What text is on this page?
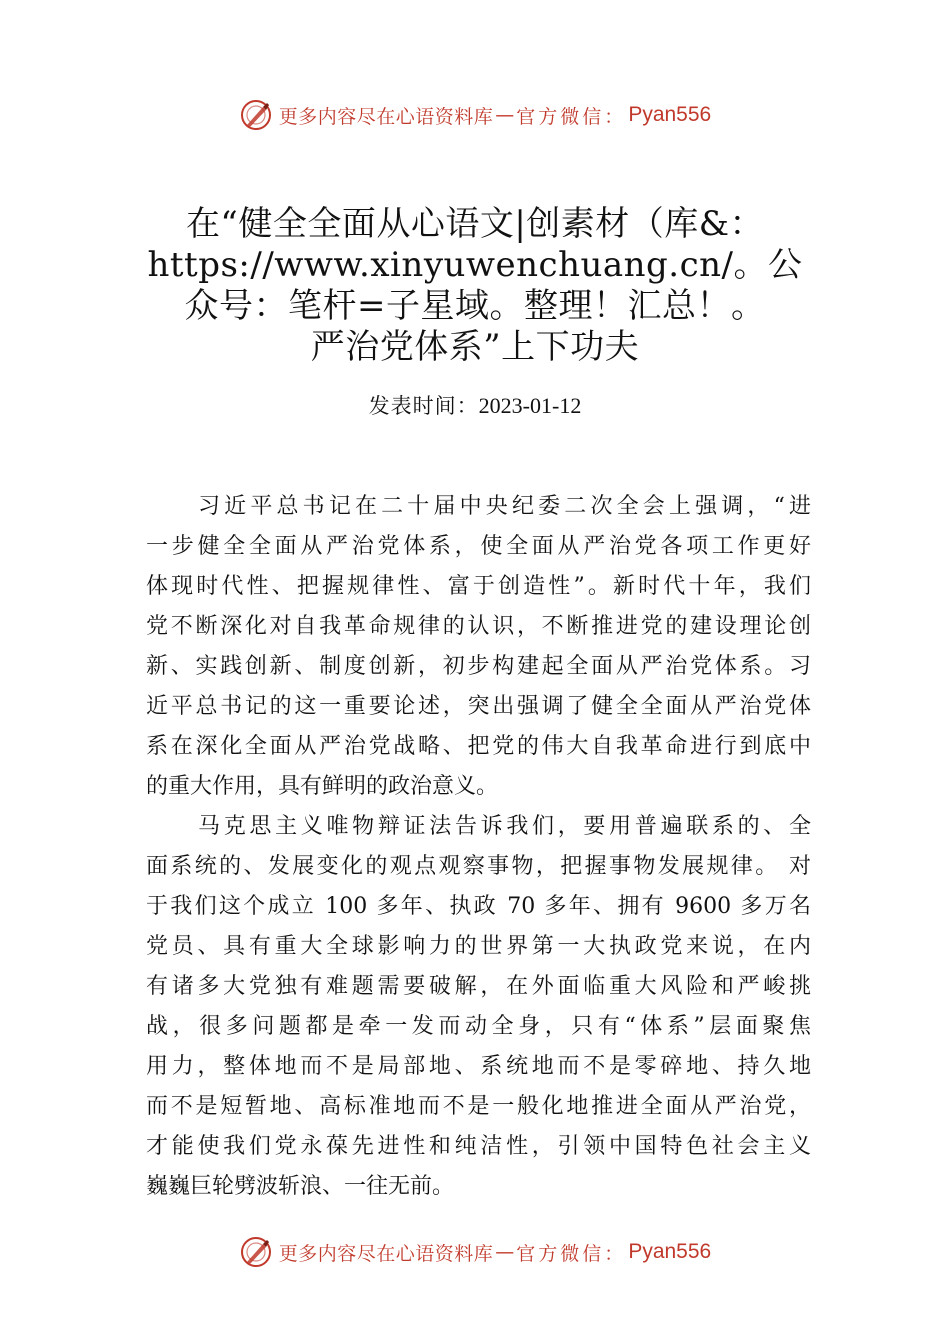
更多内容尽在心语资料库 — 官方微信： Pyan556
在“健全全面从心语文|创素材（库&：
https://www.xinyuwenchuang.cn/。公
众号：笔杆=子星域。整理！汇总！。
严治党体系”上下功夫
发表时间：2023-01-12
习近平总书记在二十届中央纪委二次全会上强调，“进
一步健全全面从严治党体系，使全面从严治党各项工作更好
体现时代性、把握规律性、富于创造性”。新时代十年，我们
党不断深化对自我革命规律的认识，不断推进党的建设理论创
新、实践创新、制度创新，初步构建起全面从严治党体系。习
近平总书记的这一重要论述，突出强调了健全全面从严治党体
系在深化全面从严治党战略、把党的伟大自我革命进行到底中
的重大作用，具有鲜明的政治意义。
马克思主义唯物辩证法告诉我们，要用普遍联系的、全
面系统的、发展变化的观点观察事物，把握事物发展规律。 对
于我们这个成立 100 多年、执政 70 多年、拥有 9600 多万名
党员、具有重大全球影响力的世界第一大执政党来说，在内
有诸多大党独有难题需要破解，在外面临重大风险和严峻挑
战，很多问题都是牵一发而动全身，只有“体系”层面聚焦
用力，整体地而不是局部地、系统地而不是零碎地、持久地
而不是短暂地、高标准地而不是一般化地推进全面从严治党，
才能使我们党永葆先进性和纯洁性，引领中国特色社会主义
巍巍巨轮劈波斩浪、一往无前。
更多内容尽在心语资料库 — 官方微信： Pyan556
